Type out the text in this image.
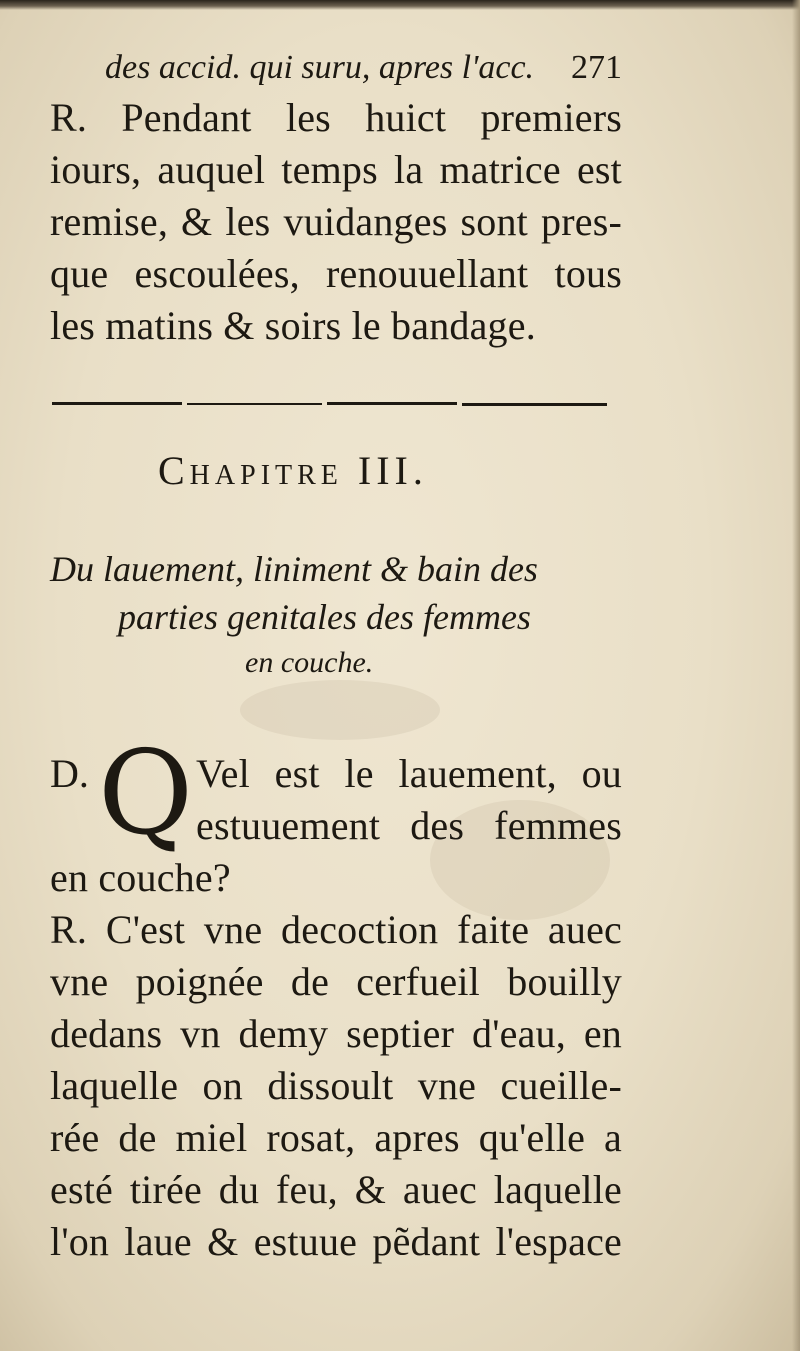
des accid. qui suru, apres l'acc. 271
R. Pendant les huict premiers
iours, auquel temps la matrice est
remise, & les vuidanges sont pres-
que escoulées, renouuellant tous
les matins & soirs le bandage.
Chapitre III.
Du lauement, liniment & bain des
parties genitales des femmes
en couche.
D. Q Vel est le lauement, ou
estuuement des femmes
en couche?
R. C'est vne decoction faite auec
vne poignée de cerfueil bouilly
dedans vn demy septier d'eau, en
laquelle on dissoult vne cueille-
rée de miel rosat, apres qu'elle a
esté tirée du feu, & auec laquelle
l'on laue & estuue pẽdant l'espace
